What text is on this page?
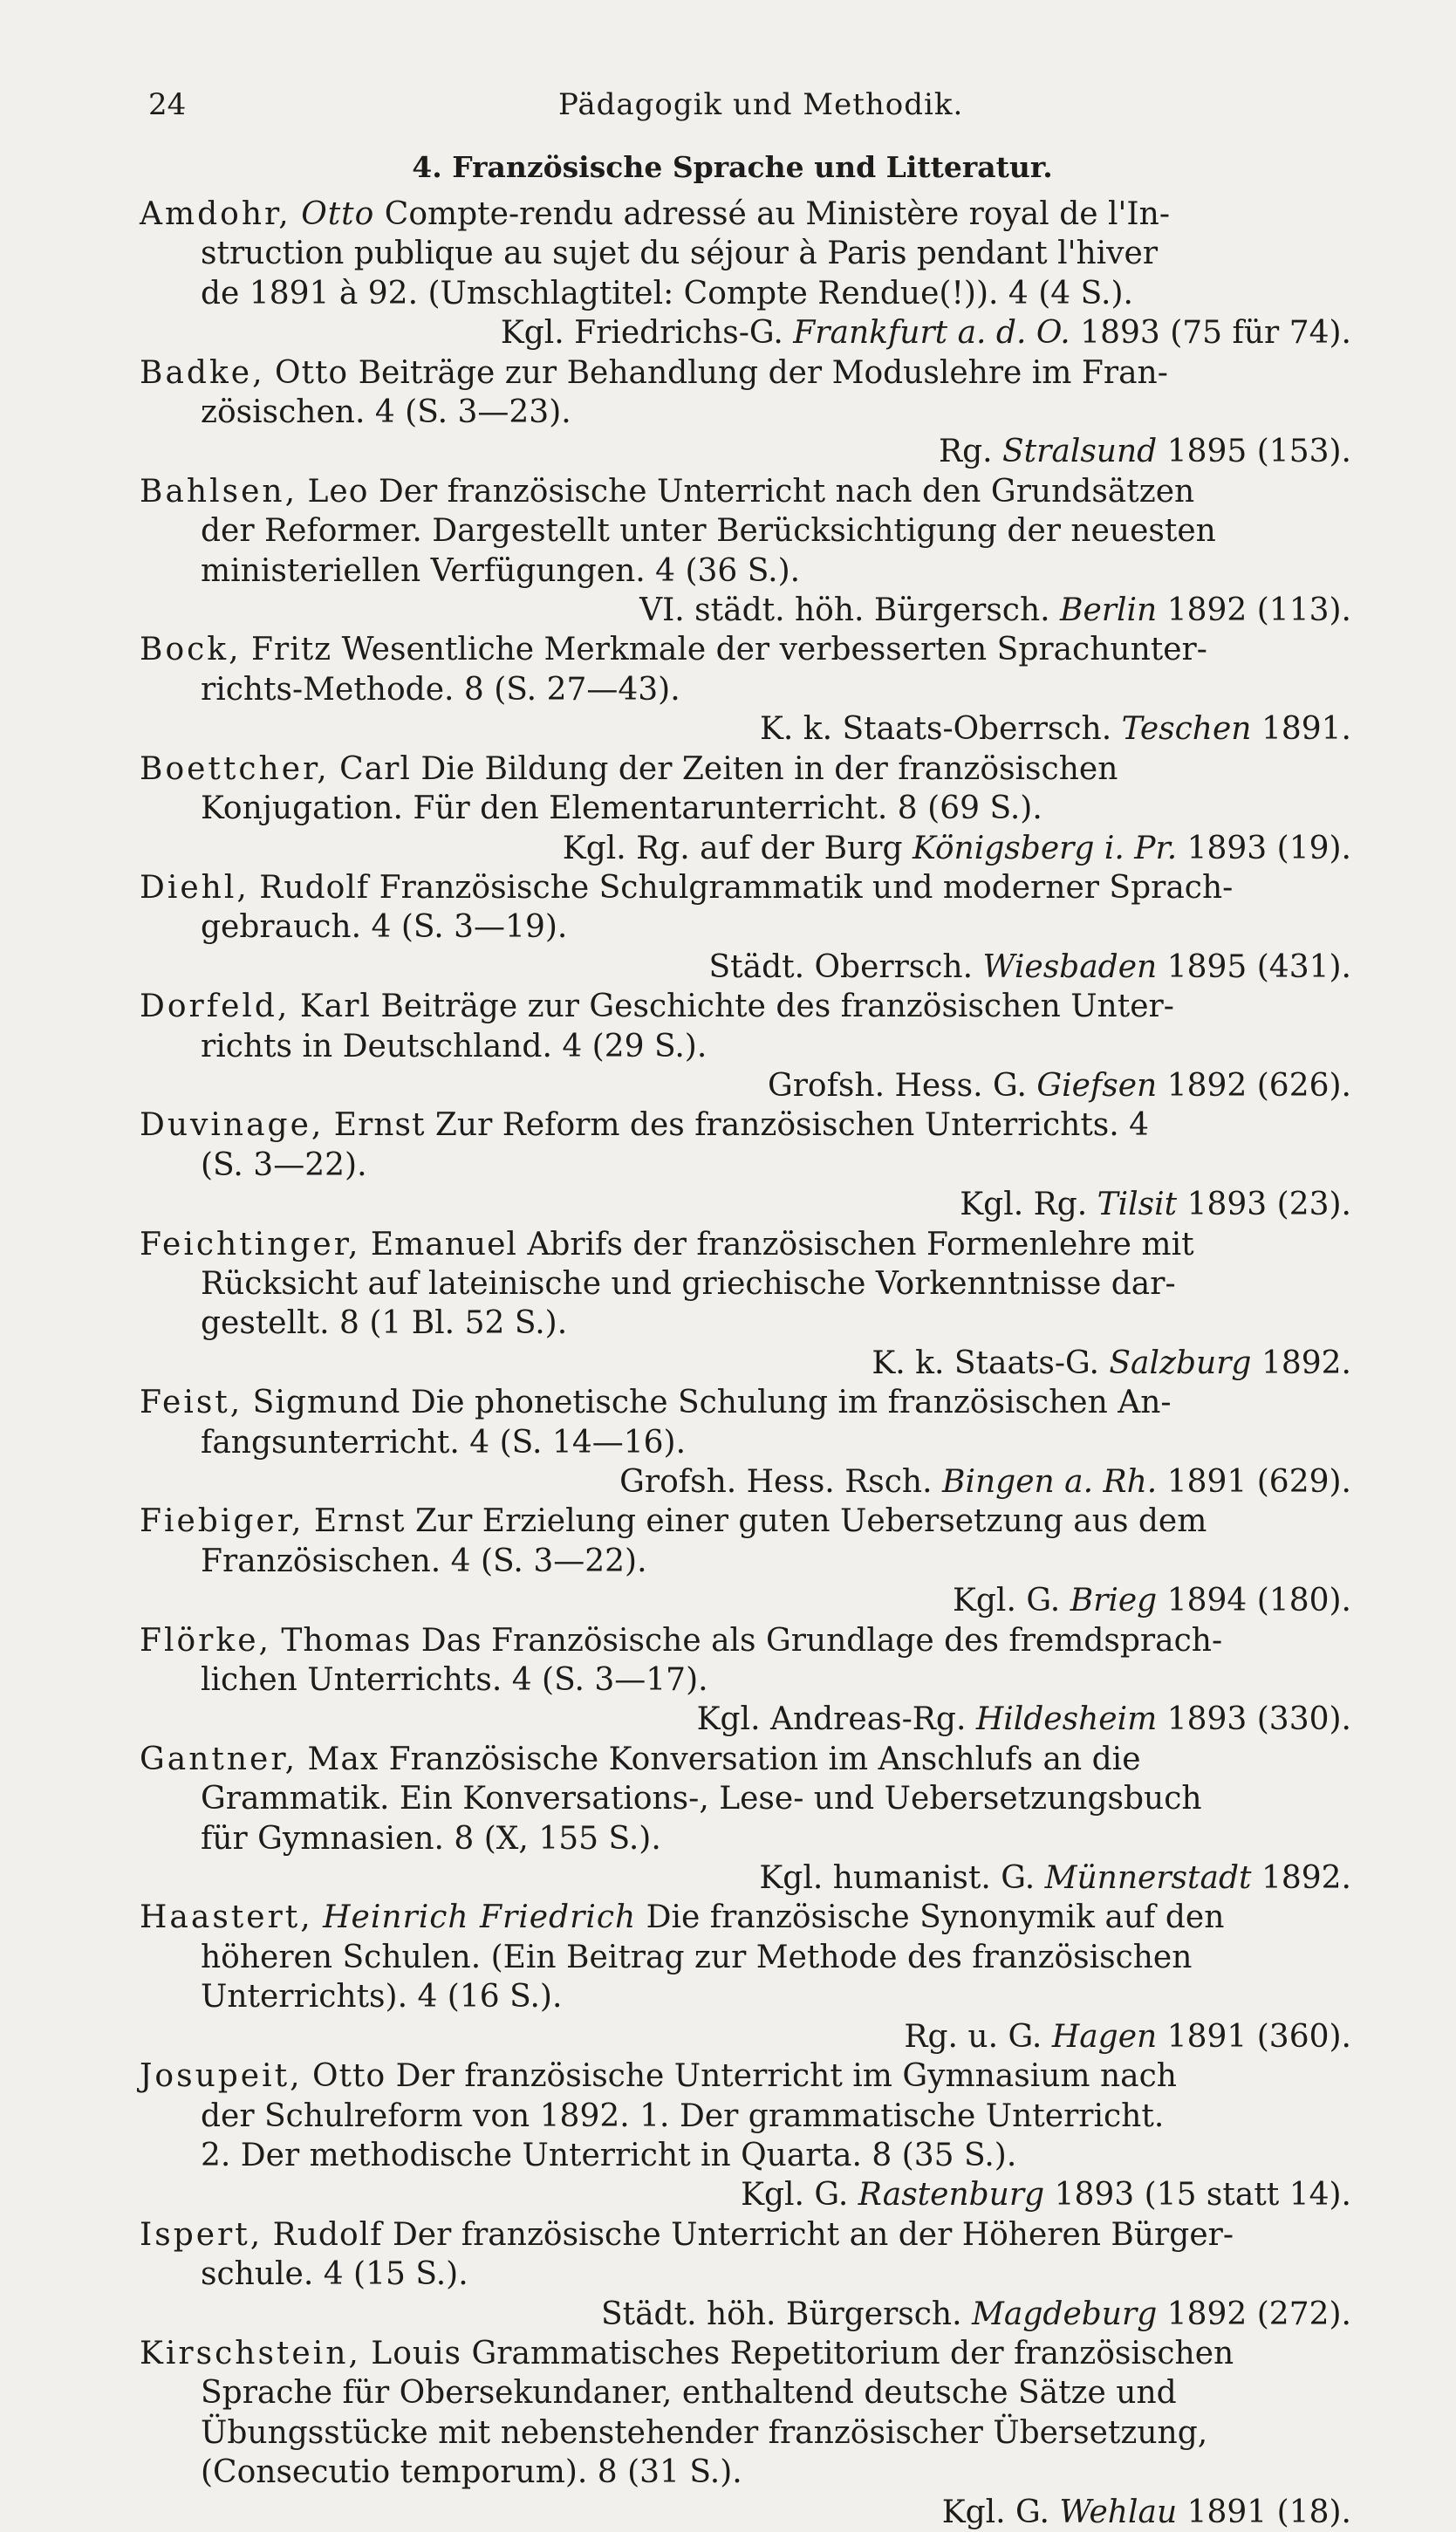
24	Pädagogik und Methodik.
4. Französische Sprache und Litteratur.
Amdohr, Otto Compte-rendu adressé au Ministère royal de l'In-
struction publique au sujet du séjour à Paris pendant l'hiver
de 1891 à 92. (Umschlagtitel: Compte Rendue(!)). 4 (4 S.).
Kgl. Friedrichs-G. Frankfurt a. d. O. 1893 (75 für 74).
Badke, Otto Beiträge zur Behandlung der Moduslehre im Fran-
zösischen. 4 (S. 3—23).
Rg. Stralsund 1895 (153).
Bahlsen, Leo Der französische Unterricht nach den Grundsätzen
der Reformer. Dargestellt unter Berücksichtigung der neuesten
ministeriellen Verfügungen. 4 (36 S.).
VI. städt. höh. Bürgersch. Berlin 1892 (113).
Bock, Fritz Wesentliche Merkmale der verbesserten Sprachunter-
richts-Methode. 8 (S. 27—43).
K. k. Staats-Oberrsch. Teschen 1891.
Boettcher, Carl Die Bildung der Zeiten in der französischen
Konjugation. Für den Elementarunterricht. 8 (69 S.).
Kgl. Rg. auf der Burg Königsberg i. Pr. 1893 (19).
Diehl, Rudolf Französische Schulgrammatik und moderner Sprach-
gebrauch. 4 (S. 3—19).
Städt. Oberrsch. Wiesbaden 1895 (431).
Dorfeld, Karl Beiträge zur Geschichte des französischen Unter-
richts in Deutschland. 4 (29 S.).
Grofsh. Hess. G. Giefsen 1892 (626).
Duvinage, Ernst Zur Reform des französischen Unterrichts. 4
(S. 3—22).
Kgl. Rg. Tilsit 1893 (23).
Feichtinger, Emanuel Abrifs der französischen Formenlehre mit
Rücksicht auf lateinische und griechische Vorkenntnisse dar-
gestellt. 8 (1 Bl. 52 S.).
K. k. Staats-G. Salzburg 1892.
Feist, Sigmund Die phonetische Schulung im französischen An-
fangsunterricht. 4 (S. 14—16).
Grofsh. Hess. Rsch. Bingen a. Rh. 1891 (629).
Fiebiger, Ernst Zur Erzielung einer guten Uebersetzung aus dem
Französischen. 4 (S. 3—22).
Kgl. G. Brieg 1894 (180).
Flörke, Thomas Das Französische als Grundlage des fremdsprach-
lichen Unterrichts. 4 (S. 3—17).
Kgl. Andreas-Rg. Hildesheim 1893 (330).
Gantner, Max Französische Konversation im Anschlufs an die
Grammatik. Ein Konversations-, Lese- und Uebersetzungsbuch
für Gymnasien. 8 (X, 155 S.).
Kgl. humanist. G. Münnerstadt 1892.
Haastert, Heinrich Friedrich Die französische Synonymik auf den
höheren Schulen. (Ein Beitrag zur Methode des französischen
Unterrichts). 4 (16 S.).
Rg. u. G. Hagen 1891 (360).
Josupeit, Otto Der französische Unterricht im Gymnasium nach
der Schulreform von 1892. 1. Der grammatische Unterricht.
2. Der methodische Unterricht in Quarta. 8 (35 S.).
Kgl. G. Rastenburg 1893 (15 statt 14).
Ispert, Rudolf Der französische Unterricht an der Höheren Bürger-
schule. 4 (15 S.).
Städt. höh. Bürgersch. Magdeburg 1892 (272).
Kirschstein, Louis Grammatisches Repetitorium der französischen
Sprache für Obersekundaner, enthaltend deutsche Sätze und
Übungsstücke mit nebenstehender französischer Übersetzung,
(Consecutio temporum). 8 (31 S.).
Kgl. G. Wehlau 1891 (18).
